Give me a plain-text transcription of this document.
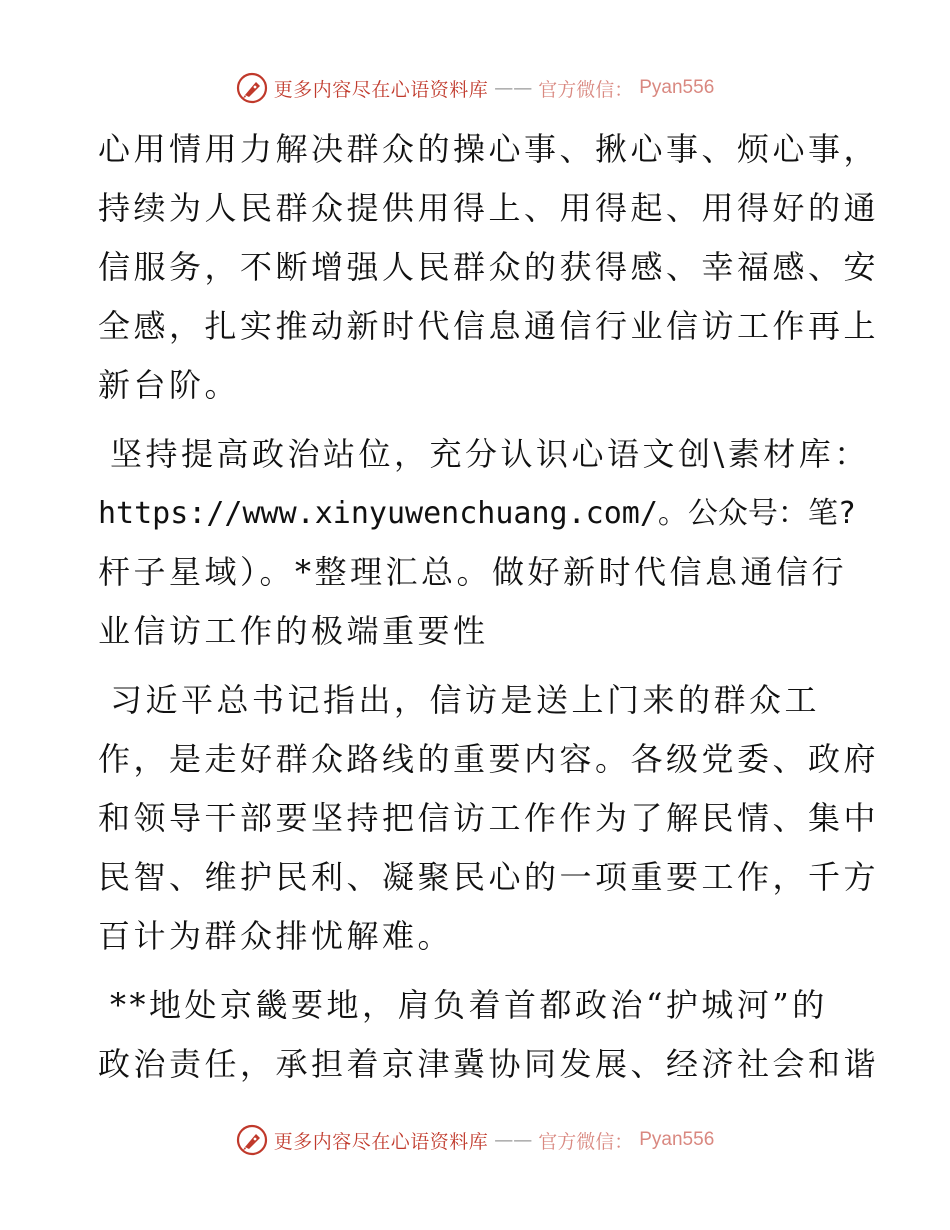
更多内容尽在心语资料库 —— 官方微信： Pyan556

心用情用力解决群众的操心事、揪心事、烦心事，
持续为人民群众提供用得上、用得起、用得好的通
信服务，不断增强人民群众的获得感、幸福感、安
全感，扎实推动新时代信息通信行业信访工作再上
新台阶。

坚持提高政治站位，充分认识心语文创\素材库：
https://www.xinyuwenchuang.com/。公众号：笔?
杆子星域）。*整理汇总。做好新时代信息通信行
业信访工作的极端重要性

习近平总书记指出，信访是送上门来的群众工
作，是走好群众路线的重要内容。各级党委、政府
和领导干部要坚持把信访工作作为了解民情、集中
民智、维护民利、凝聚民心的一项重要工作，千方
百计为群众排忧解难。

**地处京畿要地，肩负着首都政治“护城河”的
政治责任，承担着京津冀协同发展、经济社会和谐

更多内容尽在心语资料库 —— 官方微信： Pyan556
